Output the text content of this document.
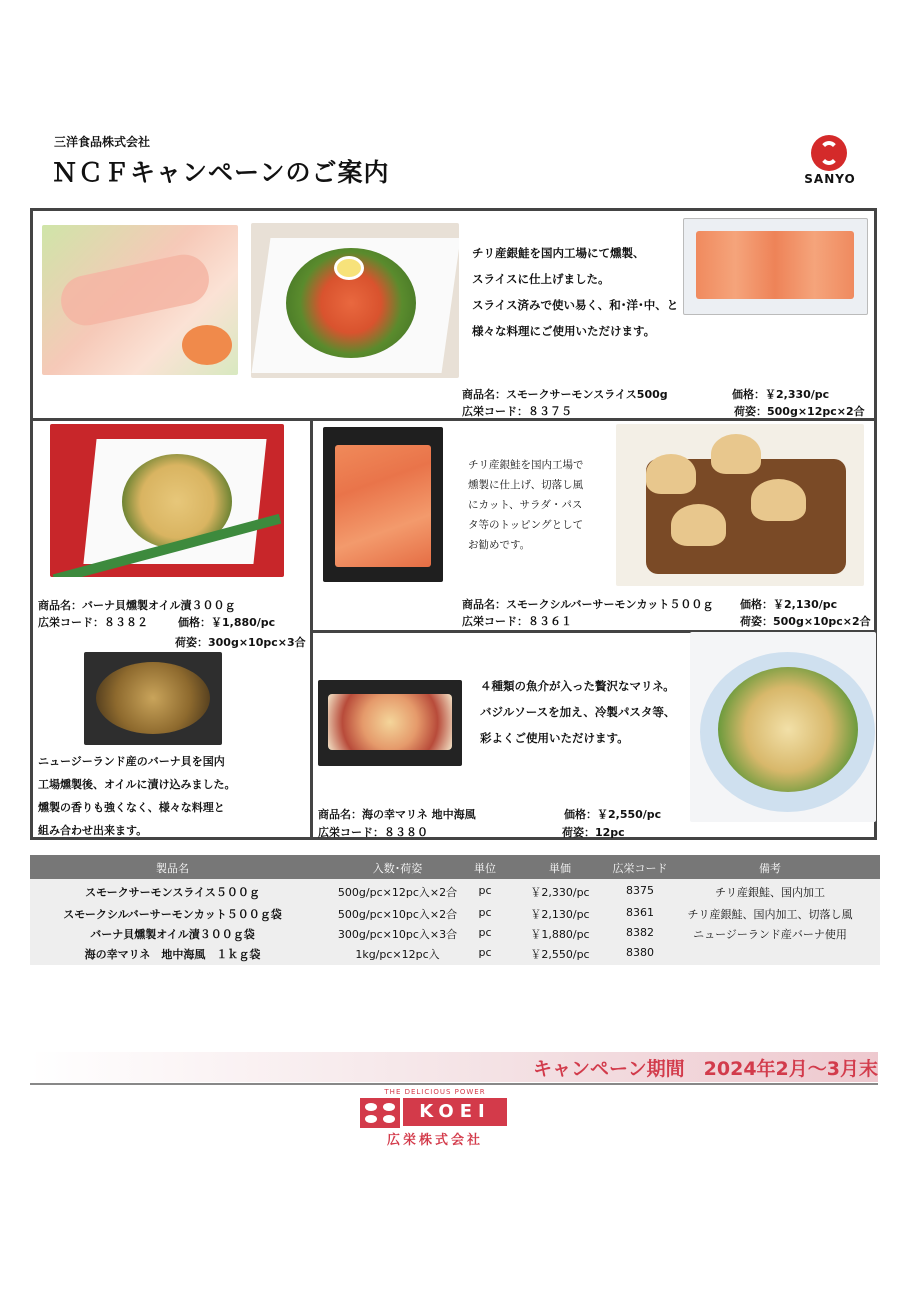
三洋食品株式会社
ＮＣＦキャンペーンのご案内	SANYO
チリ産銀鮭を国内工場にて燻製、
スライスに仕上げました。
スライス済みで使い易く、和･洋･中、と
様々な料理にご使用いただけます。
商品名：スモークサーモンスライス500g
広栄コード：８３７５
価格：￥2,330/pc
荷姿：500g×12pc×2合
商品名：バーナ貝燻製オイル漬３００ｇ
広栄コード：８３８２	価格：￥1,880/pc
荷姿：300g×10pc×3合
ニュージーランド産のバーナ貝を国内
工場燻製後、オイルに漬け込みました。
燻製の香りも強くなく、様々な料理と
組み合わせ出来ます。
チリ産銀鮭を国内工場で
燻製に仕上げ、切落し風
にカット、サラダ・パス
タ等のトッピングとして
お勧めです。
商品名：スモークシルバーサーモンカット５００ｇ
広栄コード：８３６１
価格：￥2,130/pc
荷姿：500g×10pc×2合
４種類の魚介が入った贅沢なマリネ。
バジルソースを加え、冷製パスタ等、
彩よくご使用いただけます。
商品名：海の幸マリネ 地中海風
広栄コード：８３８０
価格：￥2,550/pc
荷姿：12pc
製品名	入数･荷姿	単位	単価	広栄コード	備考
スモークサーモンスライス５００ｇ	500g/pc×12pc入×2合	pc	￥2,330/pc	8375	チリ産銀鮭、国内加工
スモークシルバーサーモンカット５００ｇ袋	500g/pc×10pc入×2合	pc	￥2,130/pc	8361	チリ産銀鮭、国内加工、切落し風
バーナ貝燻製オイル漬３００ｇ袋	300g/pc×10pc入×3合	pc	￥1,880/pc	8382	ニュージーランド産バーナ使用
海の幸マリネ　地中海風　１ｋｇ袋	1kg/pc×12pc入	pc	￥2,550/pc	8380
キャンペーン期間　2024年2月～3月末
THE DELICIOUS POWER
KOEI
広栄株式会社
